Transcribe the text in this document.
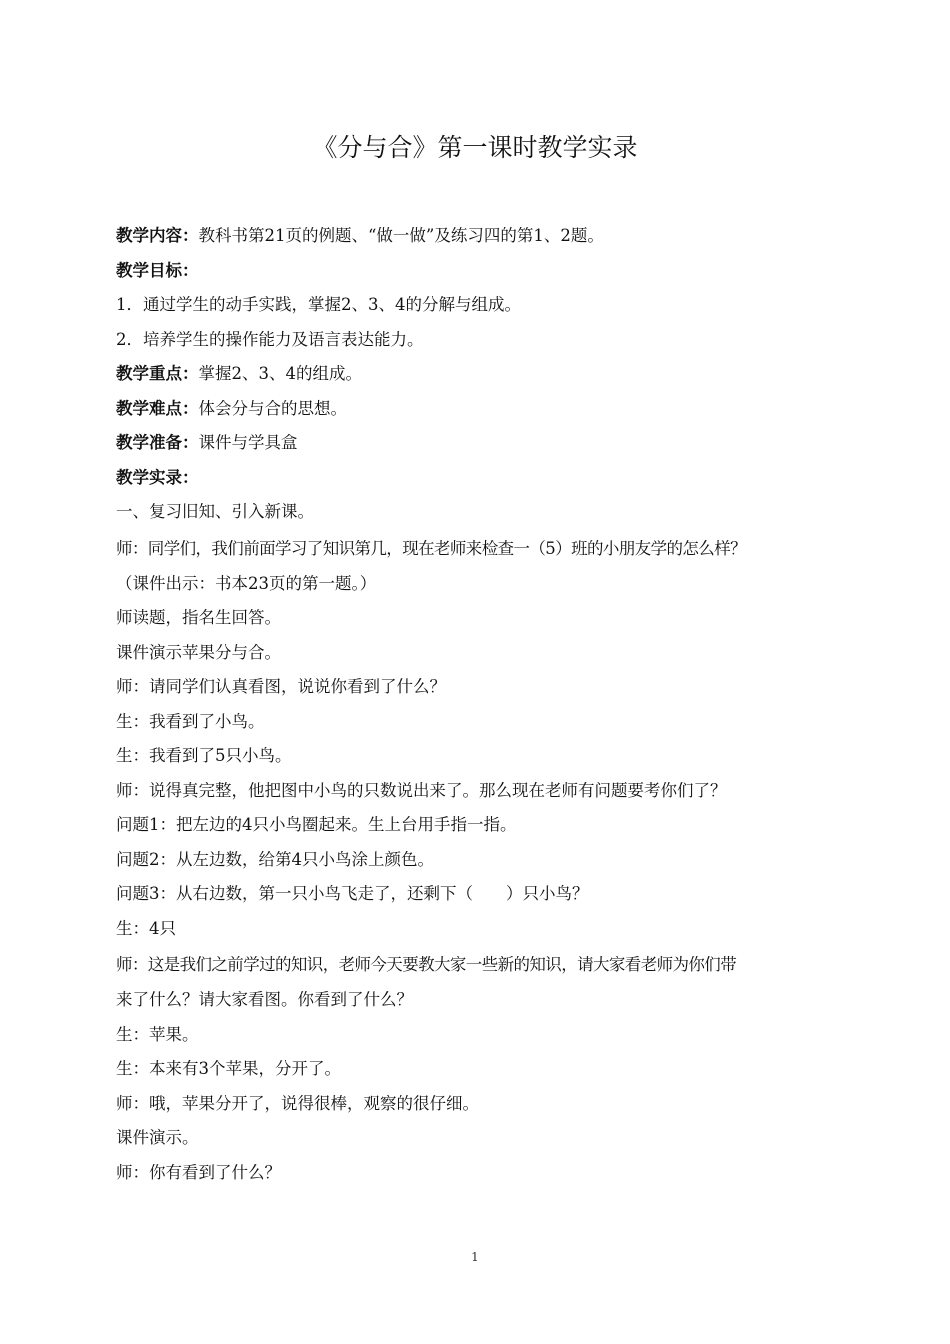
《分与合》第一课时教学实录
教学内容：教科书第21页的例题、“做一做”及练习四的第1、2题。
教学目标：
1．通过学生的动手实践，掌握2、3、4的分解与组成。
2．培养学生的操作能力及语言表达能力。
教学重点：掌握2、3、4的组成。
教学难点：体会分与合的思想。
教学准备：课件与学具盒
教学实录：
一、复习旧知、引入新课。
师：同学们，我们前面学习了知识第几，现在老师来检查一（5）班的小朋友学的怎么样？
（课件出示：书本23页的第一题。）
师读题，指名生回答。
课件演示苹果分与合。
师：请同学们认真看图，说说你看到了什么？
生：我看到了小鸟。
生：我看到了5只小鸟。
师：说得真完整，他把图中小鸟的只数说出来了。那么现在老师有问题要考你们了？
问题1：把左边的4只小鸟圈起来。生上台用手指一指。
问题2：从左边数，给第4只小鸟涂上颜色。
问题3：从右边数，第一只小鸟飞走了，还剩下（　　）只小鸟？
生：4只
师：这是我们之前学过的知识，老师今天要教大家一些新的知识，请大家看老师为你们带
来了什么？请大家看图。你看到了什么？
生：苹果。
生：本来有3个苹果，分开了。
师：哦，苹果分开了，说得很棒，观察的很仔细。
课件演示。
师：你有看到了什么？
1
